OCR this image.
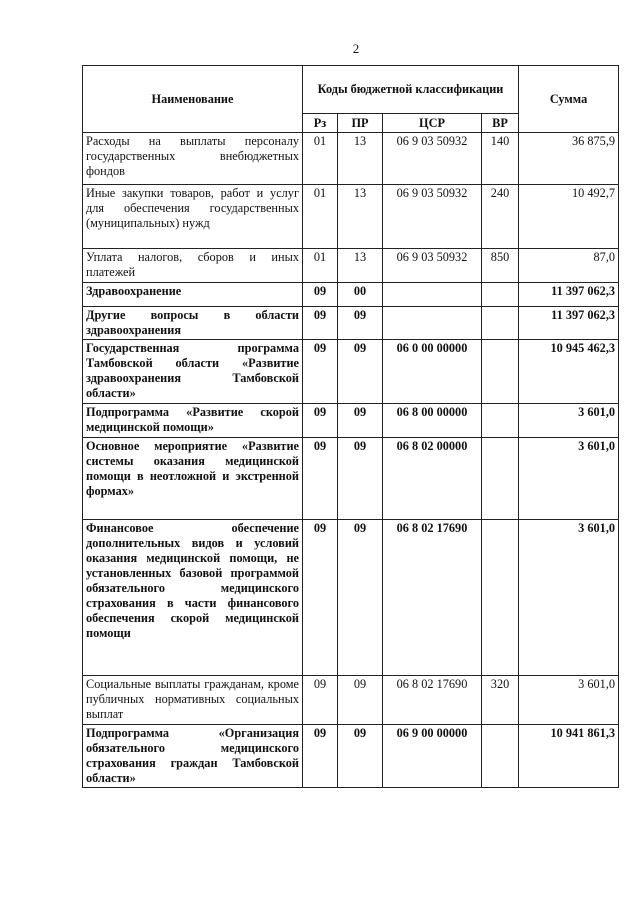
2
Наименование	Коды бюджетной классификации				Сумма
	Рз	ПР	ЦСР	ВР	
Расходы на выплаты персоналу государственных внебюджетных фондов	01	13	06 9 03 50932	140	36 875,9
Иные закупки товаров, работ и услуг для обеспечения государственных (муниципальных) нужд	01	13	06 9 03 50932	240	10 492,7
Уплата налогов, сборов и иных платежей	01	13	06 9 03 50932	850	87,0
Здравоохранение	09	00			11 397 062,3
Другие вопросы в области здравоохранения	09	09			11 397 062,3
Государственная программа Тамбовской области «Развитие здравоохранения Тамбовской области»	09	09	06 0 00 00000		10 945 462,3
Подпрограмма «Развитие скорой медицинской помощи»	09	09	06 8 00 00000		3 601,0
Основное мероприятие «Развитие системы оказания медицинской помощи в неотложной и экстренной формах»	09	09	06 8 02 00000		3 601,0
Финансовое обеспечение дополнительных видов и условий оказания медицинской помощи, не установленных базовой программой обязательного медицинского страхования в части финансового обеспечения скорой медицинской помощи	09	09	06 8 02 17690		3 601,0
Социальные выплаты гражданам, кроме публичных нормативных социальных выплат	09	09	06 8 02 17690	320	3 601,0
Подпрограмма «Организация обязательного медицинского страхования граждан Тамбовской области»	09	09	06 9 00 00000		10 941 861,3
